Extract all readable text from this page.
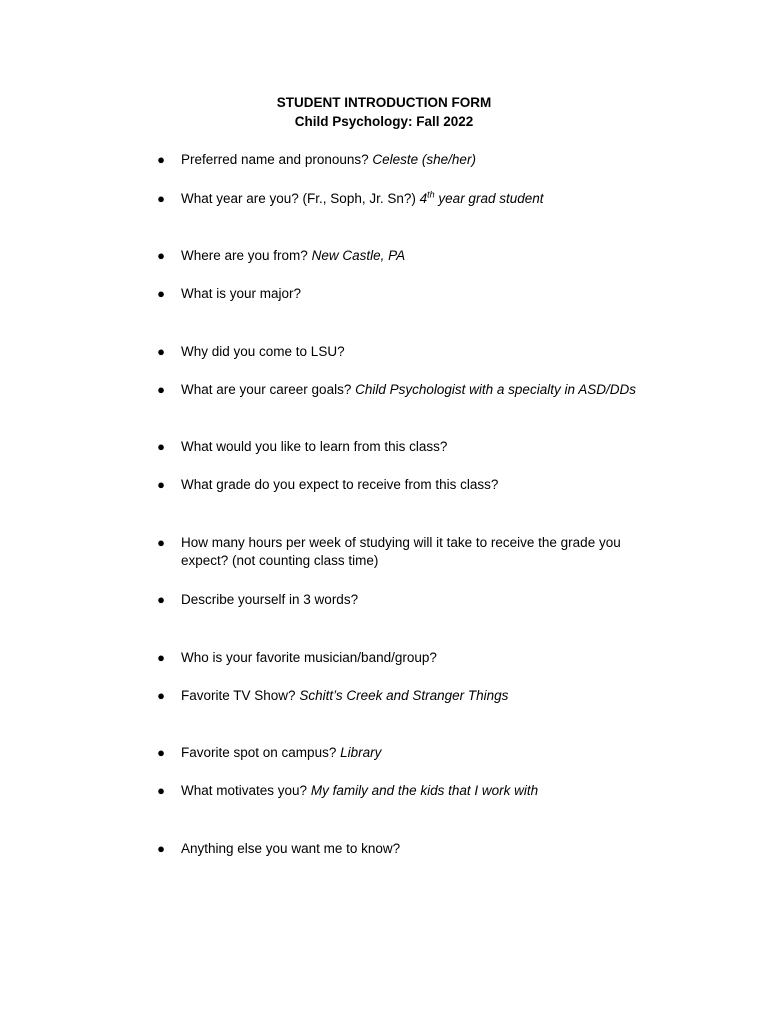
STUDENT INTRODUCTION FORM
Child Psychology: Fall 2022
● Preferred name and pronouns? Celeste (she/her)
● What year are you? (Fr., Soph, Jr. Sn?) 4th year grad student
● Where are you from? New Castle, PA
● What is your major?
● Why did you come to LSU?
● What are your career goals? Child Psychologist with a specialty in ASD/DDs
● What would you like to learn from this class?
● What grade do you expect to receive from this class?
● How many hours per week of studying will it take to receive the grade you expect? (not counting class time)
● Describe yourself in 3 words?
● Who is your favorite musician/band/group?
● Favorite TV Show? Schitt’s Creek and Stranger Things
● Favorite spot on campus? Library
● What motivates you? My family and the kids that I work with
● Anything else you want me to know?
